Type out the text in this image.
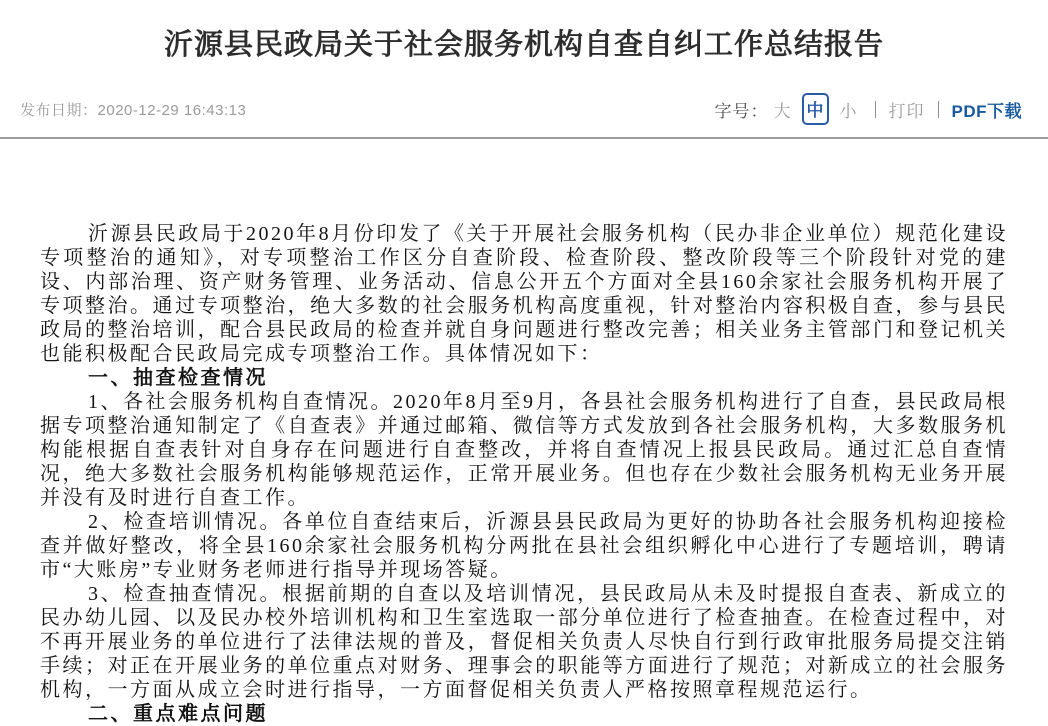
沂源县民政局关于社会服务机构自查自纠工作总结报告
发布日期：2020-12-29 16:43:13	字号： 大 中 小 打印 PDF下载

沂源县民政局于2020年8月份印发了《关于开展社会服务机构（民办非企业单位）规范化建设专项整治的通知》，对专项整治工作区分自查阶段、检查阶段、整改阶段等三个阶段针对党的建设、内部治理、资产财务管理、业务活动、信息公开五个方面对全县160余家社会服务机构开展了专项整治。通过专项整治，绝大多数的社会服务机构高度重视，针对整治内容积极自查，参与县民政局的整治培训，配合县民政局的检查并就自身问题进行整改完善；相关业务主管部门和登记机关也能积极配合民政局完成专项整治工作。具体情况如下：

一、抽查检查情况

1、各社会服务机构自查情况。2020年8月至9月，各县社会服务机构进行了自查，县民政局根据专项整治通知制定了《自查表》并通过邮箱、微信等方式发放到各社会服务机构，大多数服务机构能根据自查表针对自身存在问题进行自查整改，并将自查情况上报县民政局。通过汇总自查情况，绝大多数社会服务机构能够规范运作，正常开展业务。但也存在少数社会服务机构无业务开展并没有及时进行自查工作。

2、检查培训情况。各单位自查结束后，沂源县县民政局为更好的协助各社会服务机构迎接检查并做好整改，将全县160余家社会服务机构分两批在县社会组织孵化中心进行了专题培训，聘请市“大账房”专业财务老师进行指导并现场答疑。

3、检查抽查情况。根据前期的自查以及培训情况，县民政局从未及时提报自查表、新成立的民办幼儿园、以及民办校外培训机构和卫生室选取一部分单位进行了检查抽查。在检查过程中，对不再开展业务的单位进行了法律法规的普及，督促相关负责人尽快自行到行政审批服务局提交注销手续；对正在开展业务的单位重点对财务、理事会的职能等方面进行了规范；对新成立的社会服务机构，一方面从成立会时进行指导，一方面督促相关负责人严格按照章程规范运行。

二、重点难点问题
